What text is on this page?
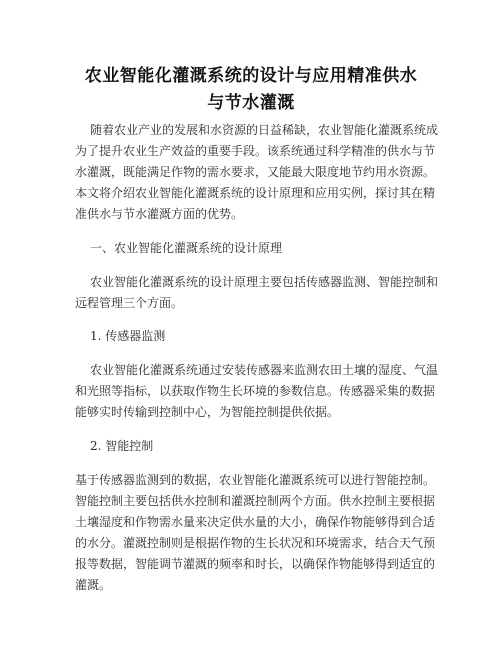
农业智能化灌溉系统的设计与应用精准供水
与节水灌溉
随着农业产业的发展和水资源的日益稀缺，农业智能化灌溉系统成
为了提升农业生产效益的重要手段。该系统通过科学精准的供水与节
水灌溉，既能满足作物的需水要求，又能最大限度地节约用水资源。
本文将介绍农业智能化灌溉系统的设计原理和应用实例，探讨其在精
准供水与节水灌溉方面的优势。
一、农业智能化灌溉系统的设计原理
农业智能化灌溉系统的设计原理主要包括传感器监测、智能控制和
远程管理三个方面。
1. 传感器监测
农业智能化灌溉系统通过安装传感器来监测农田土壤的湿度、气温
和光照等指标，以获取作物生长环境的参数信息。传感器采集的数据
能够实时传输到控制中心，为智能控制提供依据。
2. 智能控制
基于传感器监测到的数据，农业智能化灌溉系统可以进行智能控制。
智能控制主要包括供水控制和灌溉控制两个方面。供水控制主要根据
土壤湿度和作物需水量来决定供水量的大小，确保作物能够得到合适
的水分。灌溉控制则是根据作物的生长状况和环境需求，结合天气预
报等数据，智能调节灌溉的频率和时长，以确保作物能够得到适宜的
灌溉。
